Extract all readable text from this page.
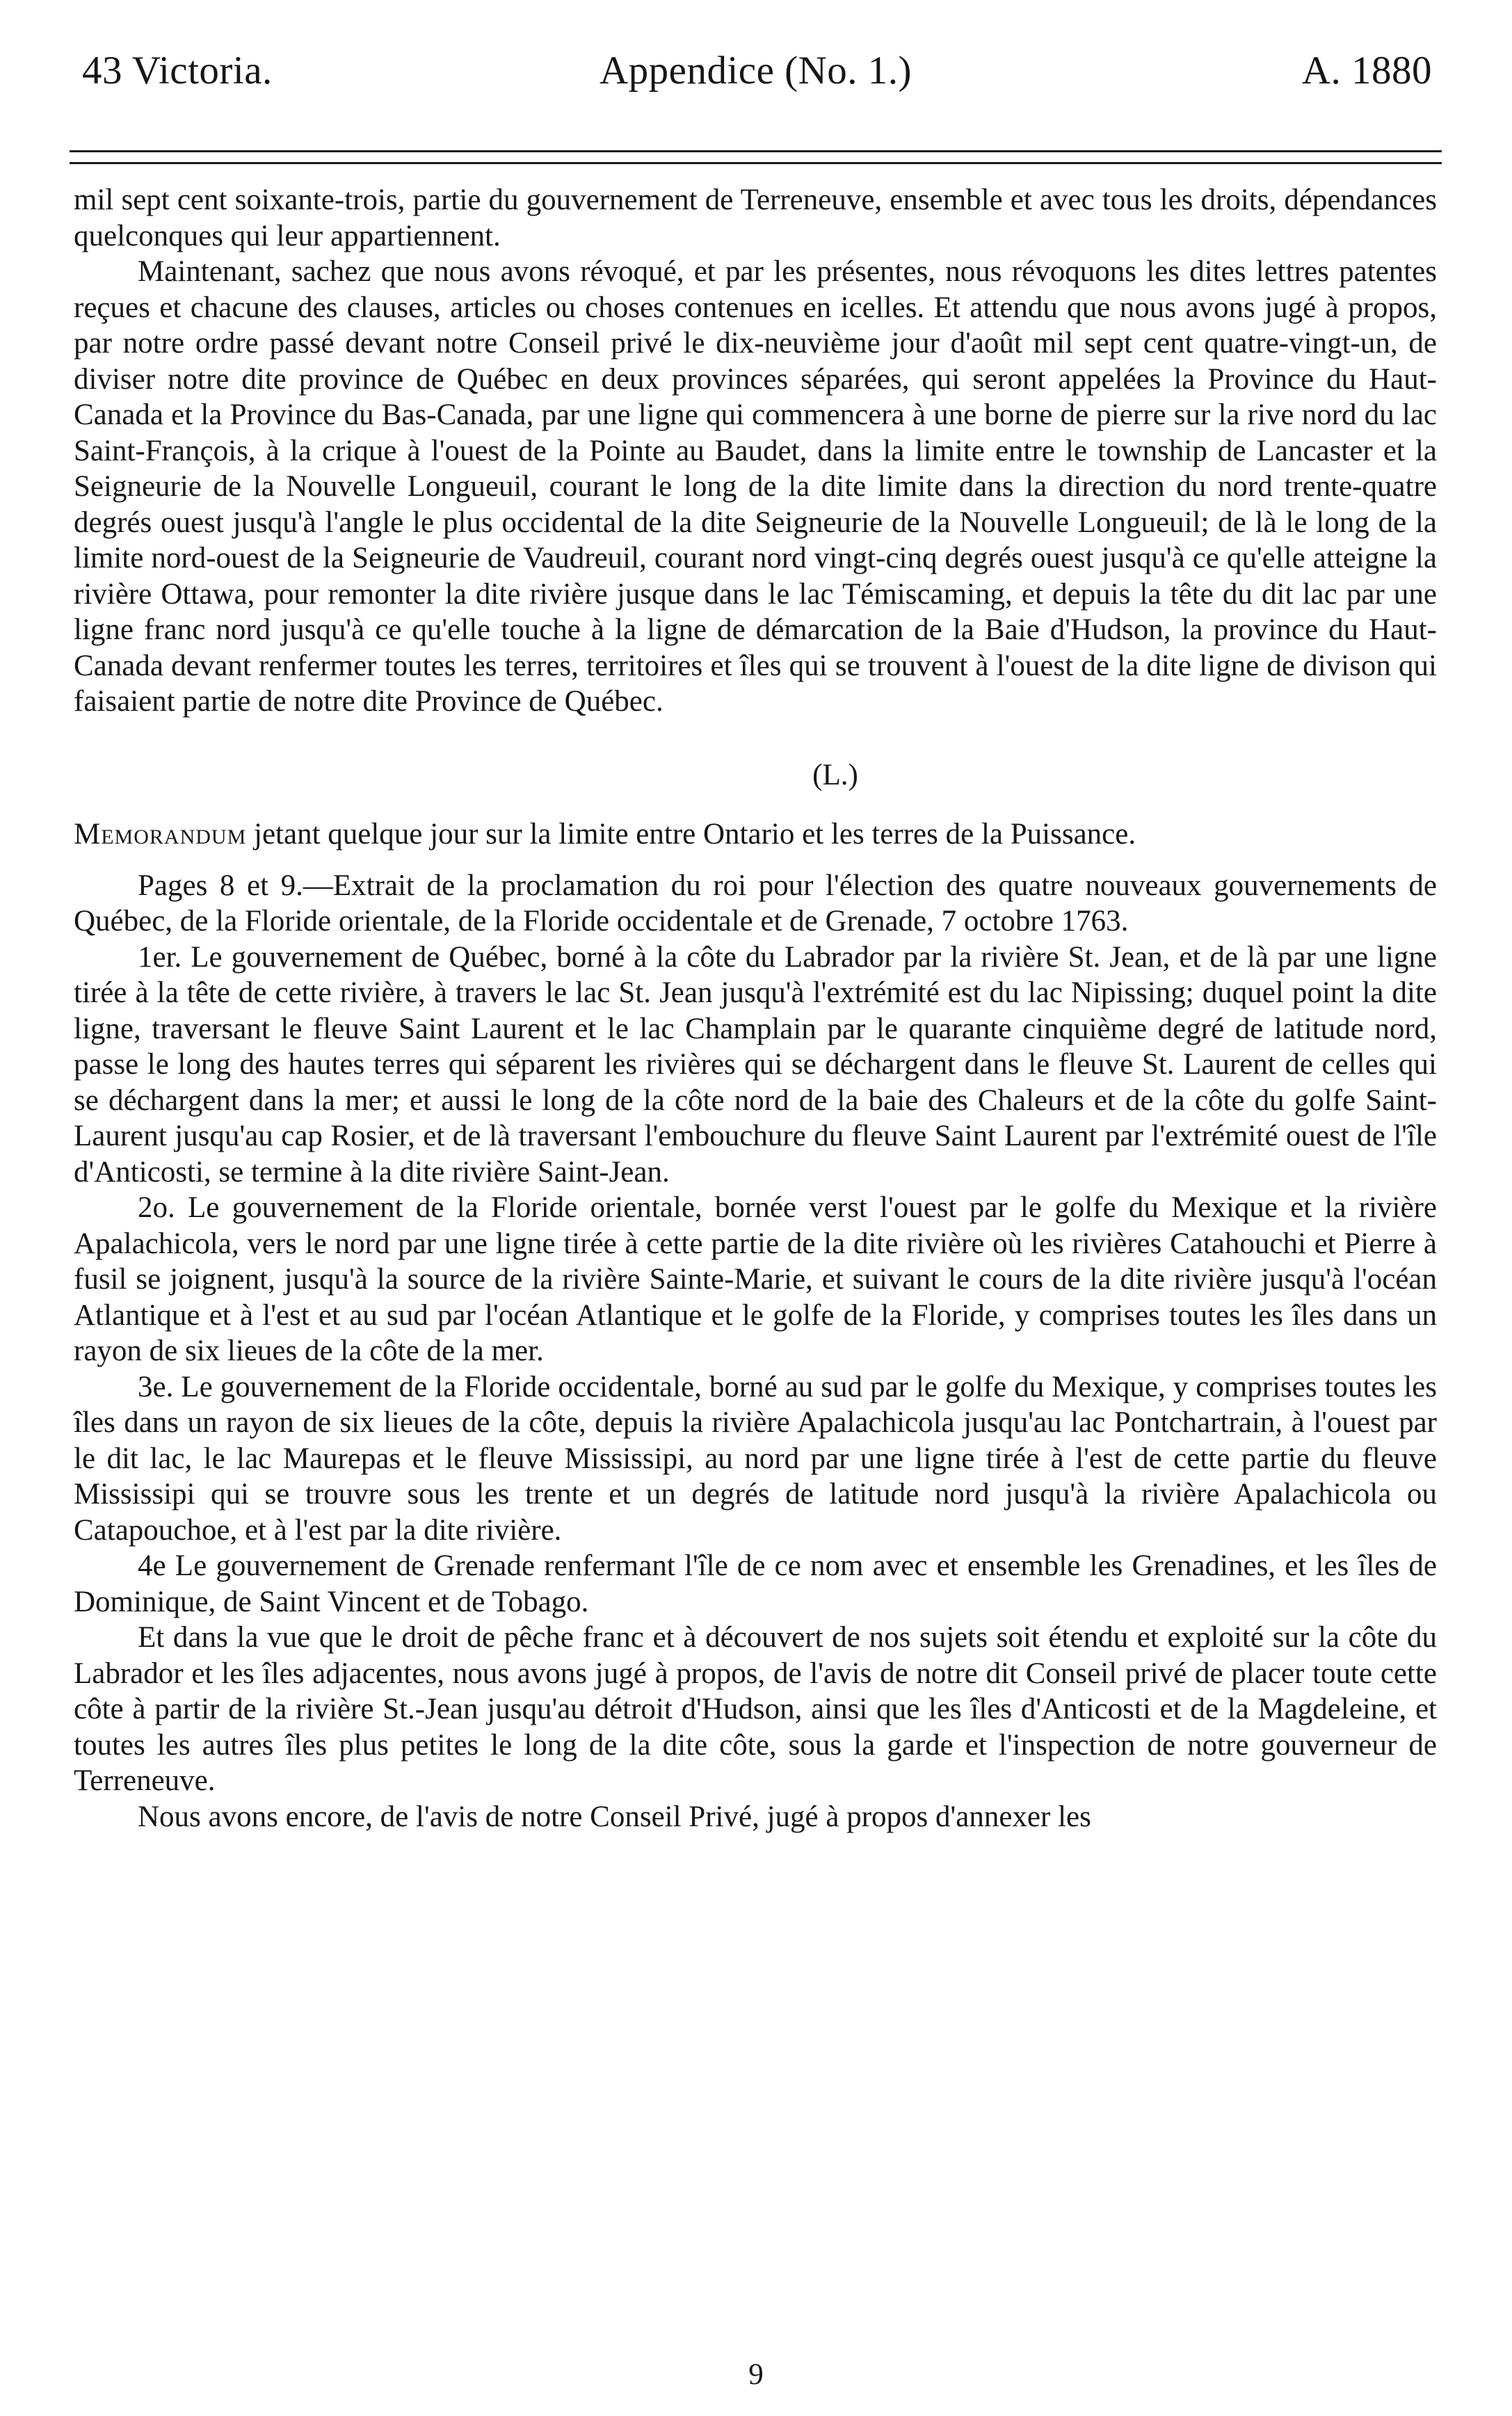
43 Victoria.	Appendice (No. 1.)	A. 1880

mil sept cent soixante-trois, partie du gouvernement de Terreneuve, ensemble et avec tous les droits, dépendances quelconques qui leur appartiennent.

Maintenant, sachez que nous avons révoqué, et par les présentes, nous révoquons les dites lettres patentes reçues et chacune des clauses, articles ou choses contenues en icelles. Et attendu que nous avons jugé à propos, par notre ordre passé devant notre Conseil privé le dix-neuvième jour d'août mil sept cent quatre-vingt-un, de diviser notre dite province de Québec en deux provinces séparées, qui seront appelées la Province du Haut-Canada et la Province du Bas-Canada, par une ligne qui commencera à une borne de pierre sur la rive nord du lac Saint-François, à la crique à l'ouest de la Pointe au Baudet, dans la limite entre le township de Lancaster et la Seigneurie de la Nouvelle Longueuil, courant le long de la dite limite dans la direction du nord trente-quatre degrés ouest jusqu'à l'angle le plus occidental de la dite Seigneurie de la Nouvelle Longueuil; de là le long de la limite nord-ouest de la Seigneurie de Vaudreuil, courant nord vingt-cinq degrés ouest jusqu'à ce qu'elle atteigne la rivière Ottawa, pour remonter la dite rivière jusque dans le lac Témiscaming, et depuis la tête du dit lac par une ligne franc nord jusqu'à ce qu'elle touche à la ligne de démarcation de la Baie d'Hudson, la province du Haut-Canada devant renfermer toutes les terres, territoires et îles qui se trouvent à l'ouest de la dite ligne de divison qui faisaient partie de notre dite Province de Québec.

(L.)

Memorandum jetant quelque jour sur la limite entre Ontario et les terres de la Puissance.

Pages 8 et 9.—Extrait de la proclamation du roi pour l'élection des quatre nouveaux gouvernements de Québec, de la Floride orientale, de la Floride occidentale et de Grenade, 7 octobre 1763.

1er. Le gouvernement de Québec, borné à la côte du Labrador par la rivière St. Jean, et de là par une ligne tirée à la tête de cette rivière, à travers le lac St. Jean jusqu'à l'extrémité est du lac Nipissing; duquel point la dite ligne, traversant le fleuve Saint Laurent et le lac Champlain par le quarante cinquième degré de latitude nord, passe le long des hautes terres qui séparent les rivières qui se déchargent dans le fleuve St. Laurent de celles qui se déchargent dans la mer; et aussi le long de la côte nord de la baie des Chaleurs et de la côte du golfe Saint-Laurent jusqu'au cap Rosier, et de là traversant l'embouchure du fleuve Saint Laurent par l'extrémité ouest de l'île d'Anticosti, se termine à la dite rivière Saint-Jean.

2o. Le gouvernement de la Floride orientale, bornée verst l'ouest par le golfe du Mexique et la rivière Apalachicola, vers le nord par une ligne tirée à cette partie de la dite rivière où les rivières Catahouchi et Pierre à fusil se joignent, jusqu'à la source de la rivière Sainte-Marie, et suivant le cours de la dite rivière jusqu'à l'océan Atlantique et à l'est et au sud par l'océan Atlantique et le golfe de la Floride, y comprises toutes les îles dans un rayon de six lieues de la côte de la mer.

3e. Le gouvernement de la Floride occidentale, borné au sud par le golfe du Mexique, y comprises toutes les îles dans un rayon de six lieues de la côte, depuis la rivière Apalachicola jusqu'au lac Pontchartrain, à l'ouest par le dit lac, le lac Maurepas et le fleuve Mississipi, au nord par une ligne tirée à l'est de cette partie du fleuve Mississipi qui se trouvre sous les trente et un degrés de latitude nord jusqu'à la rivière Apalachicola ou Catapouchoe, et à l'est par la dite rivière.

4e Le gouvernement de Grenade renfermant l'île de ce nom avec et ensemble les Grenadines, et les îles de Dominique, de Saint Vincent et de Tobago.

Et dans la vue que le droit de pêche franc et à découvert de nos sujets soit étendu et exploité sur la côte du Labrador et les îles adjacentes, nous avons jugé à propos, de l'avis de notre dit Conseil privé de placer toute cette côte à partir de la rivière St.-Jean jusqu'au détroit d'Hudson, ainsi que les îles d'Anticosti et de la Magdeleine, et toutes les autres îles plus petites le long de la dite côte, sous la garde et l'inspection de notre gouverneur de Terreneuve.

Nous avons encore, de l'avis de notre Conseil Privé, jugé à propos d'annexer les

9
